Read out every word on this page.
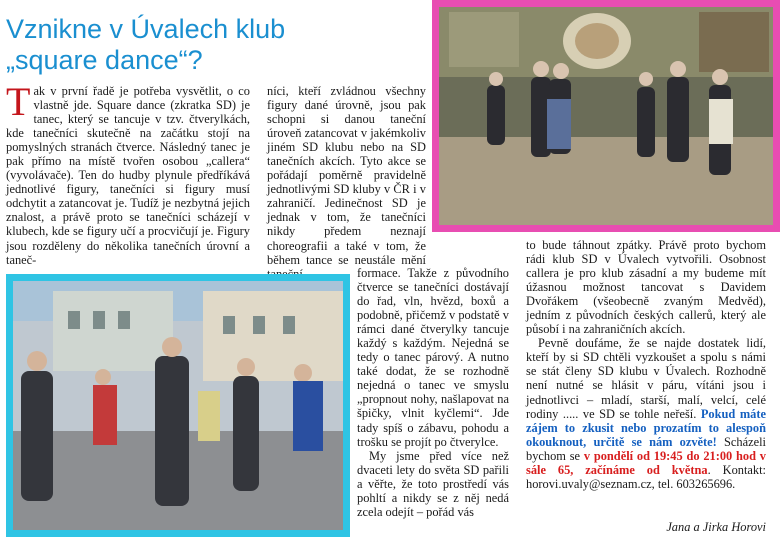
Vznikne v Úvalech klub
„square dance“?

Tak v první řadě je potřeba vysvětlit, o co vlastně jde. Square dance (zkratka SD) je tanec, který se tancuje v tzv. čtverylkách, kde tanečníci skutečně na začátku stojí na pomyslných stranách čtverce. Následný tanec je pak přímo na místě tvořen osobou „callera“ (vyvolávače). Ten do hudby plynule předříkává jednotlivé figury, tanečníci si figury musí odchytit a zatancovat je. Tudíž je nezbytná jejich znalost, a právě proto se tanečníci scházejí v klubech, kde se figury učí a procvičují je. Figury jsou rozděleny do několika tanečních úrovní a taneč-

níci, kteří zvládnou všechny figury dané úrovně, jsou pak schopni si danou taneční úroveň zatancovat v jakémkoliv jiném SD klubu nebo na SD tanečních akcích. Tyto akce se pořádají poměrně pravidelně jednotlivými SD kluby v ČR i v zahraničí. Jedinečnost SD je jednak v tom, že tanečníci nikdy předem neznají choreografii a také v tom, že během tance se neustále mění

formace. Takže z původního čtverce se tanečníci dostávají do řad, vln, hvězd, boxů a podobně, přičemž v podstatě v rámci dané čtverylky tancuje každý s každým. Nejedná se tedy o tanec párový. A nutno také dodat, že se rozhodně nejedná o tanec ve smyslu „propnout nohy, našlapovat na špičky, vlnit kyčlemi“. Jde tady spíš o zábavu, pohodu a trošku se projít po čtverylce.

My jsme před více než dvaceti lety do světa SD pařili a věřte, že toto prostředí vás pohltí a nikdy se z něj nedá zcela odejít – pořád vás

to bude táhnout zpátky. Právě proto bychom rádi klub SD v Úvalech vytvořili. Osobnost callera je pro klub zásadní a my budeme mít úžasnou možnost tancovat s Davidem Dvořákem (všeobecně zvaným Medvěd), jedním z původních českých callerů, který ale působí i na zahraničních akcích.

Pevně doufáme, že se najde dostatek lidí, kteří by si SD chtěli vyzkoušet a spolu s námi se stát členy SD klubu v Úvalech. Rozhodně není nutné se hlásit v páru, vítáni jsou i jednotlivci – mladí, starší, malí, velcí, celé rodiny ..... ve SD se tohle neřeší. Pokud máte zájem to zkusit nebo prozatím to alespoň okouknout, určitě se nám ozvěte! Scházeli bychom se v pondělí od 19:45 do 21:00 hod v sále 65, začínáme od května. Kontakt: horovi.uvaly@seznam.cz, tel. 603265696.

Jana a Jirka Horovi
